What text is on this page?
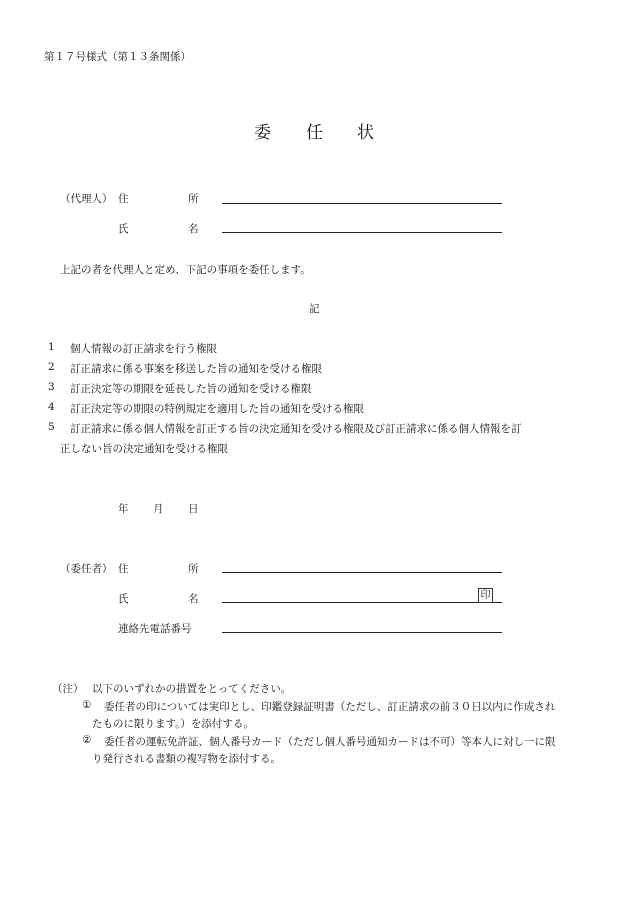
第１７号様式（第１３条関係）
委 任 状
（代理人） 住	所
氏	名
上記の者を代理人と定め、下記の事項を委任します。
記
1 個人情報の訂正請求を行う権限
2 訂正請求に係る事案を移送した旨の通知を受ける権限
3 訂正決定等の期限を延長した旨の通知を受ける権限
4 訂正決定等の期限の特例規定を適用した旨の通知を受ける権限
5 訂正請求に係る個人情報を訂正する旨の決定通知を受ける権限及び訂正請求に係る個人情報を訂
正しない旨の決定通知を受ける権限
年 月 日
（委任者） 住	所
氏	名	印
連絡先電話番号
（注） 以下のいずれかの措置をとってください。
① 委任者の印については実印とし、印鑑登録証明書（ただし、訂正請求の前３０日以内に作成され
たものに限ります。）を添付する。
② 委任者の運転免許証、個人番号カード（ただし個人番号通知カードは不可）等本人に対し一に限
り発行される書類の複写物を添付する。
